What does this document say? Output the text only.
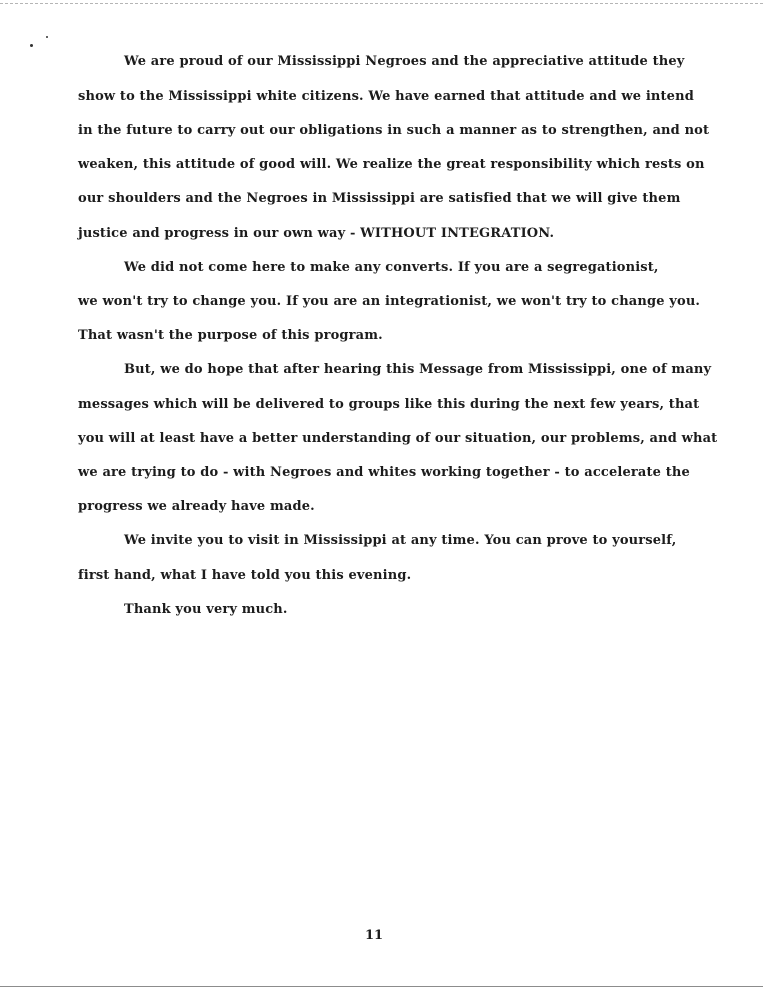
We are proud of our Mississippi Negroes and the appreciative attitude they
show to the Mississippi white citizens. We have earned that attitude and we intend
in the future to carry out our obligations in such a manner as to strengthen, and not
weaken, this attitude of good will. We realize the great responsibility which rests on
our shoulders and the Negroes in Mississippi are satisfied that we will give them
justice and progress in our own way - WITHOUT INTEGRATION.
We did not come here to make any converts. If you are a segregationist,
we won't try to change you. If you are an integrationist, we won't try to change you.
That wasn't the purpose of this program.
But, we do hope that after hearing this Message from Mississippi, one of many
messages which will be delivered to groups like this during the next few years, that
you will at least have a better understanding of our situation, our problems, and what
we are trying to do - with Negroes and whites working together - to accelerate the
progress we already have made.
We invite you to visit in Mississippi at any time. You can prove to yourself,
first hand, what I have told you this evening.
Thank you very much.
11
